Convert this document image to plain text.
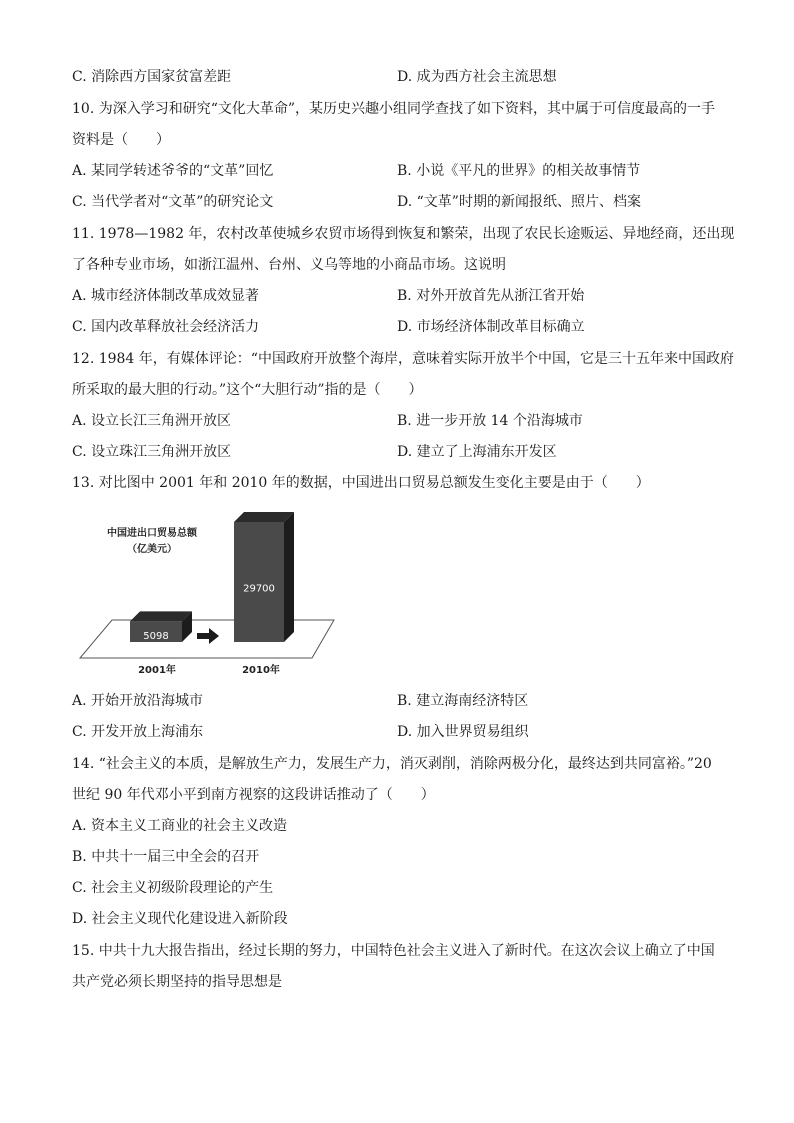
C. 消除西方国家贫富差距	D. 成为西方社会主流思想
10. 为深入学习和研究“文化大革命”，某历史兴趣小组同学查找了如下资料，其中属于可信度最高的一手
资料是（　　）
A. 某同学转述爷爷的“文革”回忆	B. 小说《平凡的世界》的相关故事情节
C. 当代学者对“文革”的研究论文	D. “文革”时期的新闻报纸、照片、档案
11. 1978—1982 年，农村改革使城乡农贸市场得到恢复和繁荣，出现了农民长途贩运、异地经商，还出现
了各种专业市场，如浙江温州、台州、义乌等地的小商品市场。这说明
A. 城市经济体制改革成效显著	B. 对外开放首先从浙江省开始
C. 国内改革释放社会经济活力	D. 市场经济体制改革目标确立
12. 1984 年，有媒体评论：“中国政府开放整个海岸，意味着实际开放半个中国，它是三十五年来中国政府
所采取的最大胆的行动。”这个“大胆行动”指的是（　　）
A. 设立长江三角洲开放区	B. 进一步开放 14 个沿海城市
C. 设立珠江三角洲开放区	D. 建立了上海浦东开发区
13. 对比图中 2001 年和 2010 年的数据，中国进出口贸易总额发生变化主要是由于（　　）
中国进出口贸易总额
（亿美元）
5098
29700
2001年	2010年
A. 开始开放沿海城市	B. 建立海南经济特区
C. 开发开放上海浦东	D. 加入世界贸易组织
14. “社会主义的本质，是解放生产力，发展生产力，消灭剥削，消除两极分化，最终达到共同富裕。”20
世纪 90 年代邓小平到南方视察的这段讲话推动了（　　）
A. 资本主义工商业的社会主义改造
B. 中共十一届三中全会的召开
C. 社会主义初级阶段理论的产生
D. 社会主义现代化建设进入新阶段
15. 中共十九大报告指出，经过长期的努力，中国特色社会主义进入了新时代。在这次会议上确立了中国
共产党必须长期坚持的指导思想是
